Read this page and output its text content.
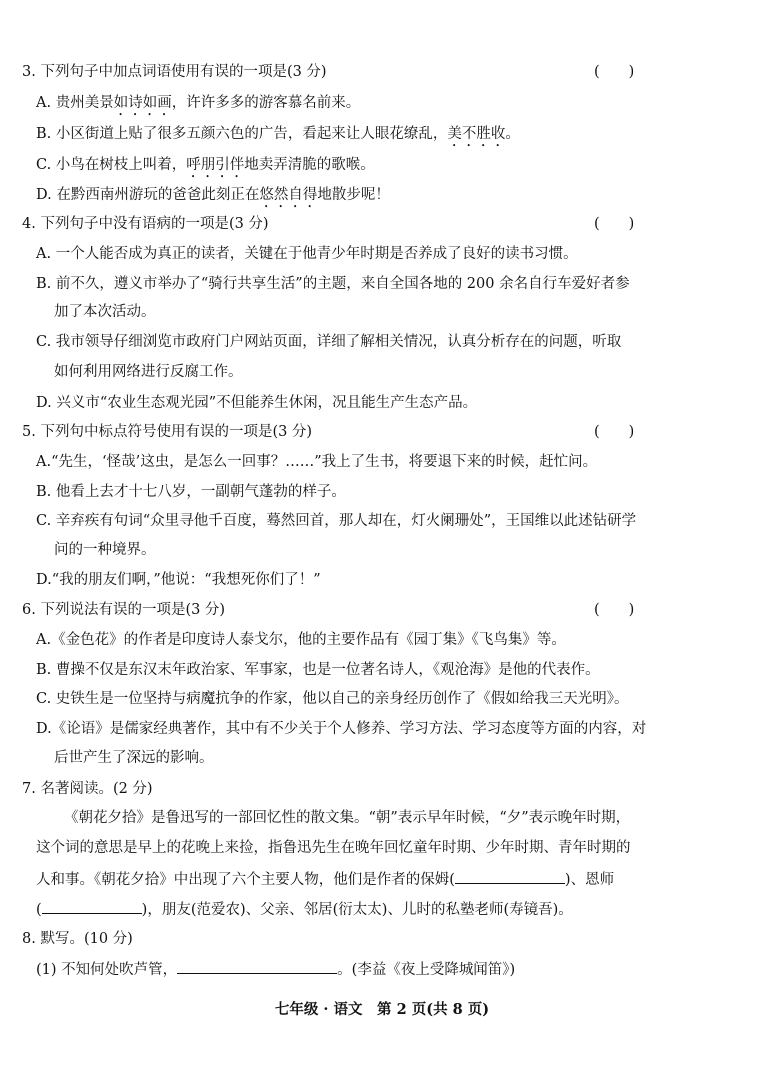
3. 下列句子中加点词语使用有误的一项是(3 分)	(　　)
A. 贵州美景如诗如画，许许多多的游客慕名前来。
B. 小区街道上贴了很多五颜六色的广告，看起来让人眼花缭乱，美不胜收。
C. 小鸟在树枝上叫着，呼朋引伴地卖弄清脆的歌喉。
D. 在黔西南州游玩的爸爸此刻正在悠然自得地散步呢！
4. 下列句子中没有语病的一项是(3 分)	(　　)
A. 一个人能否成为真正的读者，关键在于他青少年时期是否养成了良好的读书习惯。
B. 前不久，遵义市举办了“骑行共享生活”的主题，来自全国各地的 200 余名自行车爱好者参
加了本次活动。
C. 我市领导仔细浏览市政府门户网站页面，详细了解相关情况，认真分析存在的问题，听取
如何利用网络进行反腐工作。
D. 兴义市“农业生态观光园”不但能养生休闲，况且能生产生态产品。
5. 下列句中标点符号使用有误的一项是(3 分)	(　　)
A.“先生，‘怪哉’这虫，是怎么一回事？……”我上了生书，将要退下来的时候，赶忙问。
B. 他看上去才十七八岁，一副朝气蓬勃的样子。
C. 辛弃疾有句词“众里寻他千百度，蓦然回首，那人却在，灯火阑珊处”，王国维以此述钻研学
问的一种境界。
D.“我的朋友们啊，”他说：“我想死你们了！”
6. 下列说法有误的一项是(3 分)	(　　)
A.《金色花》的作者是印度诗人泰戈尔，他的主要作品有《园丁集》《飞鸟集》等。
B. 曹操不仅是东汉末年政治家、军事家，也是一位著名诗人，《观沧海》是他的代表作。
C. 史铁生是一位坚持与病魔抗争的作家，他以自己的亲身经历创作了《假如给我三天光明》。
D.《论语》是儒家经典著作，其中有不少关于个人修养、学习方法、学习态度等方面的内容，对
后世产生了深远的影响。
7. 名著阅读。(2 分)
《朝花夕拾》是鲁迅写的一部回忆性的散文集。“朝”表示早年时候，“夕”表示晚年时期，
这个词的意思是早上的花晚上来捡，指鲁迅先生在晚年回忆童年时期、少年时期、青年时期的
人和事。《朝花夕拾》中出现了六个主要人物，他们是作者的保姆(	)、恩师
(	)，朋友(范爱农)、父亲、邻居(衍太太)、儿时的私塾老师(寿镜吾)。
8. 默写。(10 分)
(1) 不知何处吹芦管，	。(李益《夜上受降城闻笛》)
七年级 · 语文　第 2 页(共 8 页)
